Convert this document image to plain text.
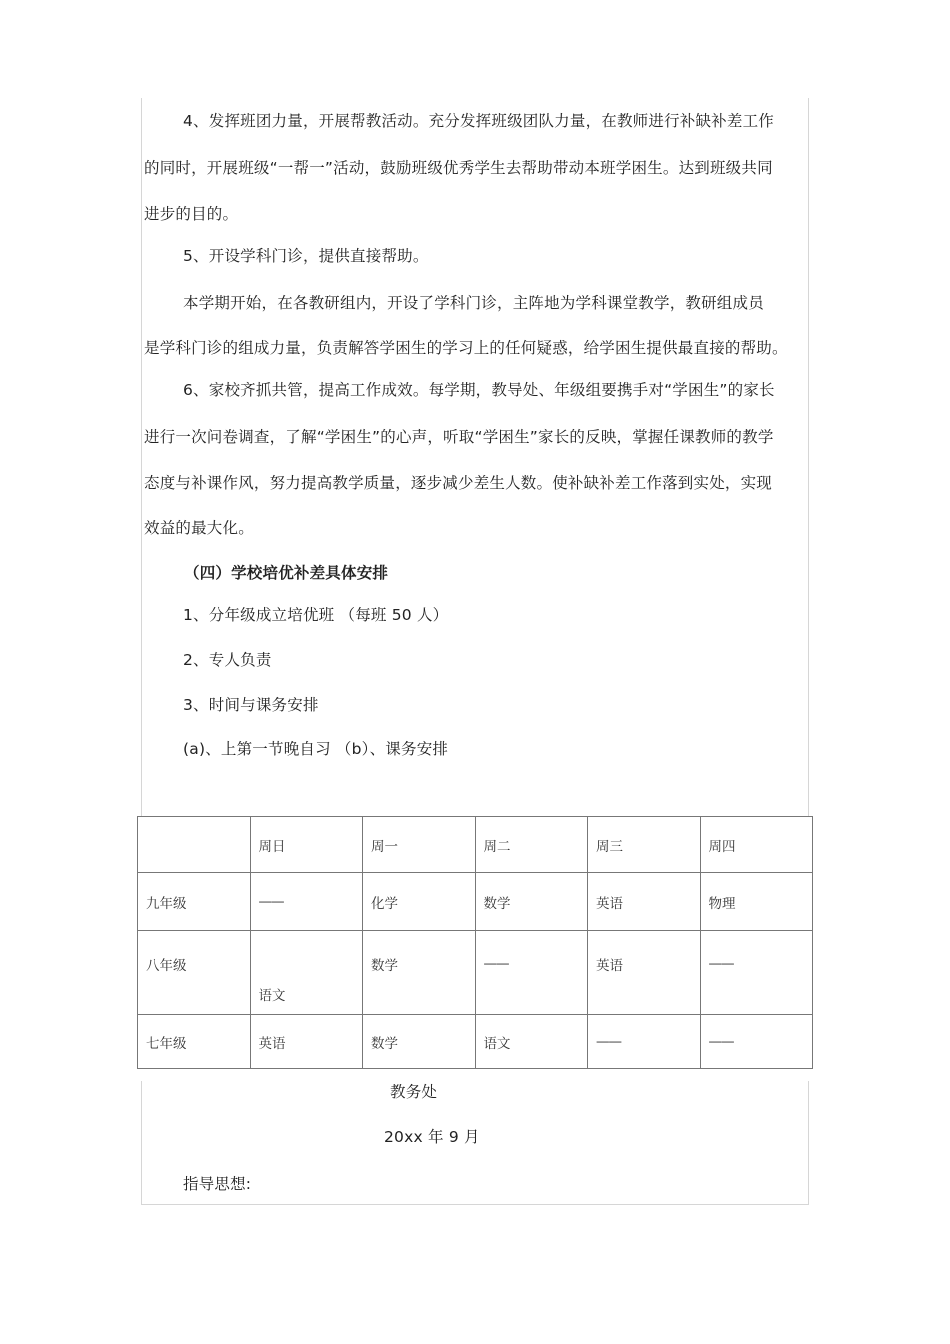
4、发挥班团力量，开展帮教活动。充分发挥班级团队力量，在教师进行补缺补差工作
的同时，开展班级“一帮一”活动，鼓励班级优秀学生去帮助带动本班学困生。达到班级共同
进步的目的。
5、开设学科门诊，提供直接帮助。
本学期开始，在各教研组内，开设了学科门诊，主阵地为学科课堂教学，教研组成员
是学科门诊的组成力量，负责解答学困生的学习上的任何疑惑，给学困生提供最直接的帮助。
6、家校齐抓共管，提高工作成效。每学期，教导处、年级组要携手对“学困生”的家长
进行一次问卷调查，了解“学困生”的心声，听取“学困生”家长的反映，掌握任课教师的教学
态度与补课作风，努力提高教学质量，逐步减少差生人数。使补缺补差工作落到实处，实现
效益的最大化。
（四）学校培优补差具体安排
1、分年级成立培优班 （每班 50 人）
2、专人负责
3、时间与课务安排
(a)、上第一节晚自习 （b）、课务安排
	周日	周一	周二	周三	周四
九年级	——	化学	数学	英语	物理
八年级	语文	数学	——	英语	——
七年级	英语	数学	语文	——	——
教务处
20xx 年 9 月
指导思想:
